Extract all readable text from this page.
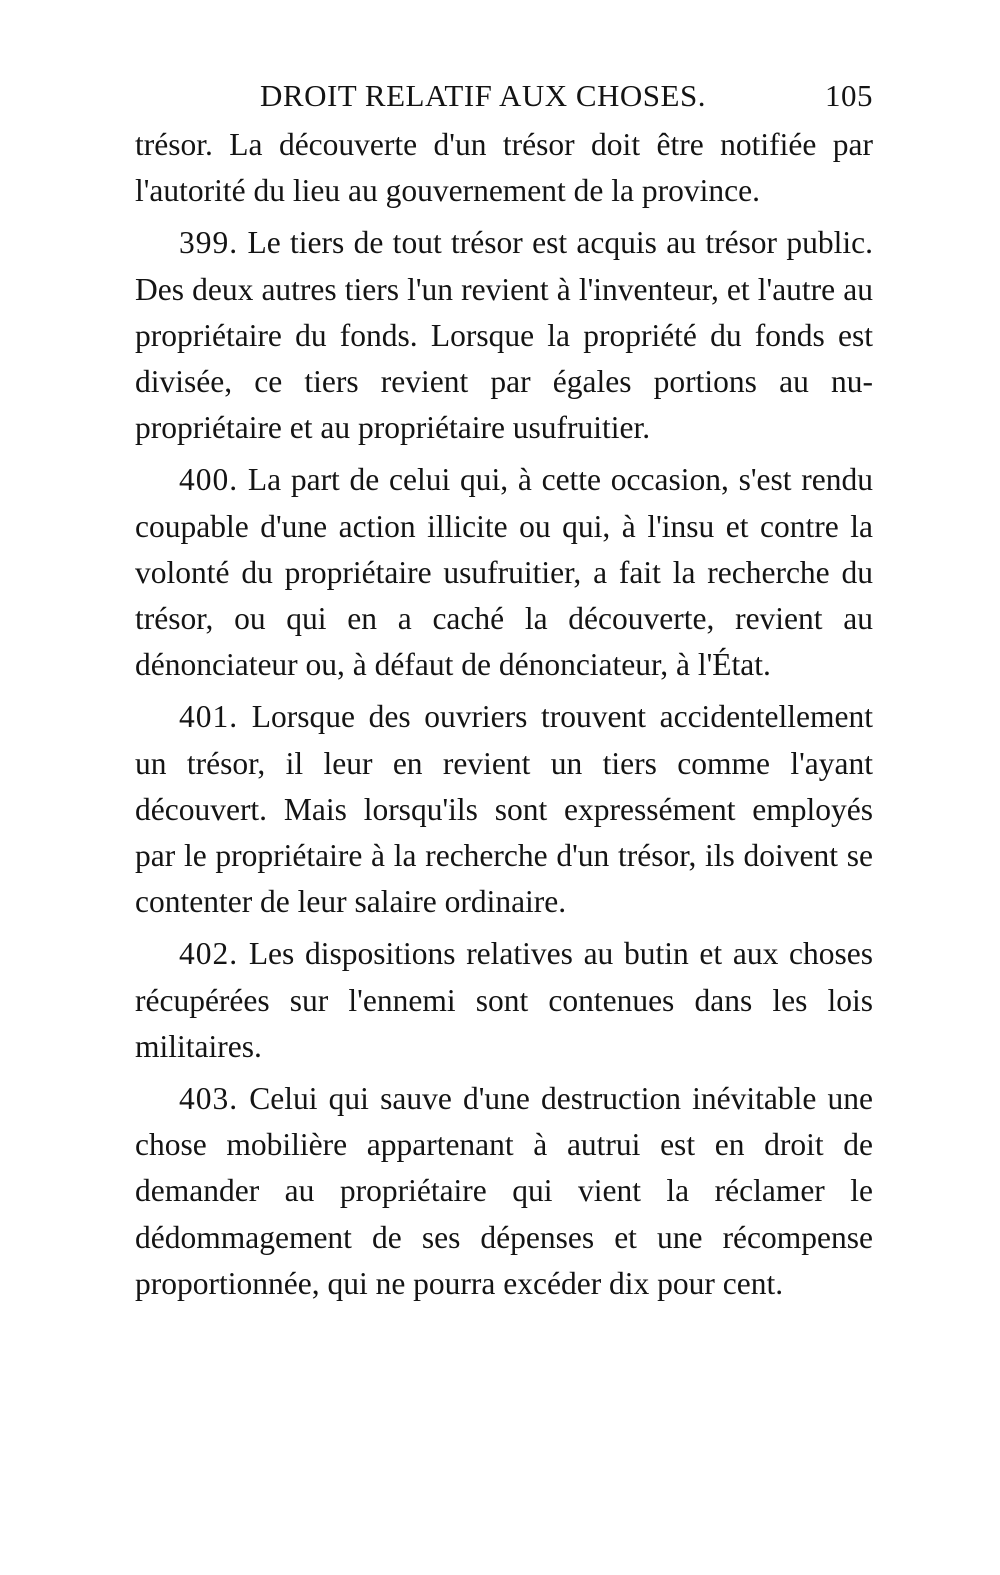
DROIT RELATIF AUX CHOSES.	105

trésor. La découverte d'un trésor doit être notifiée par l'autorité du lieu au gouvernement de la province.

399. Le tiers de tout trésor est acquis au trésor public. Des deux autres tiers l'un revient à l'inventeur, et l'autre au propriétaire du fonds. Lorsque la propriété du fonds est divisée, ce tiers revient par égales portions au nu-propriétaire et au propriétaire usufruitier.

400. La part de celui qui, à cette occasion, s'est rendu coupable d'une action illicite ou qui, à l'insu et contre la volonté du propriétaire usufruitier, a fait la recherche du trésor, ou qui en a caché la découverte, revient au dénonciateur ou, à défaut de dénonciateur, à l'État.

401. Lorsque des ouvriers trouvent accidentellement un trésor, il leur en revient un tiers comme l'ayant découvert. Mais lorsqu'ils sont expressément employés par le propriétaire à la recherche d'un trésor, ils doivent se contenter de leur salaire ordinaire.

402. Les dispositions relatives au butin et aux choses récupérées sur l'ennemi sont contenues dans les lois militaires.

403. Celui qui sauve d'une destruction inévitable une chose mobilière appartenant à autrui est en droit de demander au propriétaire qui vient la réclamer le dédommagement de ses dépenses et une récompense proportionnée, qui ne pourra excéder dix pour cent.
